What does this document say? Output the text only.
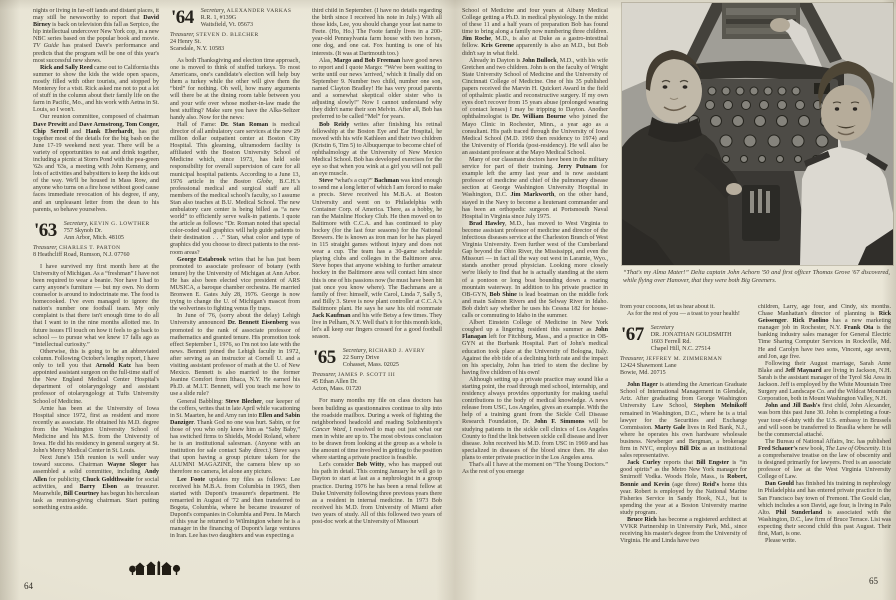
nights or living in far-off lands and distant places, it may still be newsworthy to report that David Birney is back on television this fall as Serpico, the hip intellectual undercover New York cop, in a new NBC series based on the popular book and movie. TV Guide has praised Dave's performance and predicts that the program will be one of this year's most successful new shows.

Rick and Sally Reed came out to California this summer to show the kids the wide open spaces, mostly filled with other tourists, and stopped by Monterey for a visit. Rick asked me not to put a lot of stuff in the column about their family life on the farm in Pacific, Mo., and his work with Aetna in St. Louis, so I won't.

Our reunion committee, composed of chairman Dave Prewitt and Dave Armstrong, Tom Conger, Chip Serrell and Hank Eberhardt, has put together most of the details for the big bash on the June 17-19 weekend next year. There will be a variety of opportunities to eat and drink together, including a picnic at Storrs Pond with the pea-green '62s and '63s, a meeting with John Kemeny, and lots of activities and babysitters to keep the kids out of the way. We'll be housed in Mass Row, and anyone who turns on a fire hose without good cause faces immediate revocation of his degree, if any, and an unpleasant letter from the dean to his parents, so behave yourselves.

'63 Secretary, KEVIN G. LOWTHER
757 Skynob Dr.
Ann Arbor, Mich. 48105
Treasurer, CHARLES T. PARTON
8 Heathcliff Road, Rumson, N.J. 07760

I have survived my first month here at the University of Michigan. As a “freshman” I have not been required to wear a beanie. Nor have I had to carry anyone's furniture — but my own. No dorm counselor is around to indoctrinate me. The food is homecooked. I've even managed to ignore the nation's number one football team. My only complaint is that there isn't enough time to do all that I want to in the nine months allotted me. In future issues I'll touch on how it feels to go back to school — to pursue what we knew 17 falls ago as “intellectual curiosity.”

Otherwise, this is going to be an abbreviated column. Following October's lengthy report, I have only to tell you that Arnold Katz has been appointed assistant surgeon on the full-time staff of the New England Medical Center Hospital's department of otolaryngology and assistant professor of otolaryngology at Tufts University School of Medicine.

Arnie has been at the University of Iowa Hospital since 1972, first as resident and more recently as associate. He obtained his M.D. degree from the Washington University School of Medicine and his M.S. from the University of Iowa. He did his residency in general surgery at St. John's Mercy Medical Center in St. Louis.

Next June's 15th reunion is well under way toward success. Chairman Wayne Sloger has assembled a solid committee, including Andy Allen for publicity, Chuck Goldthwaite for social activities, and Barry Elson as treasurer. Meanwhile, Bill Courtney has begun his herculean task as reunion-giving chairman. Start putting something extra aside.

'64 Secretary, ALEXANDER VARKAS
R.R. 1, #139G
Waitsfield, Vt. 05673
Treasurer, STEVEN D. BLECHER
24 Henry St.
Scarsdale, N.Y. 10583

As both Thanksgiving and election time approach, one is moved to think of stuffed turkeys. To most Americans, one's candidate's election will help buy them a turkey while the other will give them the “bird” for nothing. Oh well, how many arguments will there be at the dining room table between you and your wife over whose mother-in-law made the best stuffing? Make sure you have the Alka-Seltzer handy also. Now for the news:

Hall of Fame: Dr. Stan Roman is medical director of all ambulatory care services at the new 29 million dollar outpatient center at Boston City Hospital. This gleaming, ultramodern facility is affiliated with the Boston University School of Medicine which, since 1973, has held sole responsibility for overall supervision of care for all municipal hospital patients. According to a June 13, 1976 article in the Boston Globe, B.C.H.'s professional medical and surgical staff are all members of the medical school's faculty, so I assume Stan also teaches at B.U. Medical School. The new ambulatory care center is being billed as “a new world” to efficiently serve walk-in patients. I quote the article as follows: “Dr. Roman noted that special color-coded wall graphics will help guide patients to their destination . . .” Stan, what color and type of graphics did you choose to direct patients to the rest-room areas?

George Estabrook writes that he has just been promoted to associate professor of botany (with tenure) by the University of Michigan at Ann Arbor. He has also been elected vice president of ARS MUSICA, a baroque chamber orchestra. He married Bronwen E. Gates July 28, 1976. George is now trying to change the U. of Michigan's mascot from the wolverines to fighting venus fly traps.

In June of '76, (sorry about the delay) Lehigh University announced Dr. Bennett Eisenberg was promoted to the rank of associate professor of mathematics and granted tenure. His promotion took effect September 1, 1976, so I'm not too late with the news. Bennett joined the Lehigh faculty in 1972, after serving as an instructor at Cornell U. and a visiting assistant professor of math at the U. of New Mexico. Bennett is also married to the former Jeanine Comfort from Ithaca, N.Y. He earned his Ph.D. at M.I.T. Bennett, will you teach me how to use a slide rule?

General Babbling: Steve Blecher, our keeper of the coffers, writes that in late April while vacationing in St. Maarten, he and Amy ran into Ellen and Sabin Danziger. Thank God no one was hurt. Sabin, or for those of you who only knew him as “Saby Baby,” has switched firms to Shields, Model Roland, where he is an institutional salesman. (Anyone with an institution for sale contact Saby direct.) Steve says that upon having a group picture taken for the ALUMNI MAGAZINE, the camera blew up so therefore no camera, let alone any picture.

Lee Foote updates my files as follows: Lee received his M.B.A. from Columbia in 1965, then started with Dupont's treasurer's department. He remarried in August of '72 and then transferred to Bogota, Columbia, where he became treasurer of Dupont's companies in Columbia and Peru. In March of this year he returned to Wilmington where he is a manager in the financing of Dupont's large ventures in Iran. Lee has two daughters and was expecting a

third child in September. (I have no details regarding the birth since I received his note in July.) With all those kids, Lee, you should change your last name to Feete. (Ho, Ho.) The Foote family lives in a 200-year-old Pennsylvania farm house with two horses, one dog, and one cat. Fox hunting is one of his interests. (It was at Dartmouth too.)

Alas, Margo and Bob Freeman have good news to report and I quote Margo: “We've been waiting to write until our news 'arrived,' which it finally did on September 9. Number two child, number one son, named Clayton Bradley! He has very proud parents and a somewhat skeptical older sister who is adjusting slowly!” Now I cannot understand why they didn't name their son Melvin. After all, Bob has preferred to be called “Mel” for years.

Bob Reidy writes after finishing his retinal fellowship at the Boston Eye and Ear Hospital, he moved with his wife Kathleen and their two children (Kristin 6, Tim 5) to Albuquerque to become chief of ophthalmology at the University of New Mexico Medical School. Bob has developed exercises for the eye so that when you wink at a girl you will not pull an eye muscle.

Steve “what's a cup?” Bachman was kind enough to send me a long letter of which I am forced to make a precis. Steve received his M.B.A. at Boston University and went on to Philadelphia with Container Corp. of America. There, as a hobby, he ran the Mainline Hockey Club. He then moved on to Baltimore with C.C.A. and has continued to play hockey (for the last four seasons) for the National Brewers. He is known as iron man for he has played in 115 straight games without injury and does not wear a cup. The team has a 30-game schedule playing clubs and colleges in the Baltimore area. Steve hopes that anyone wishing to further amateur hockey in the Baltimore area will contact him since this is one of his passions now (he must have been hit just once you know where). The Bachmans are a family of five: himself, wife Carol, Linda 7, Sally 5, and Billy 3. Steve is now plant controller at C.C.A.'s Baltimore plant. He says he saw his old roommate Jack Kaufman and his wife Betsy a few times. They live in Pelham, N.Y. Well that's it for this month kids, let's all keep our fingers crossed for a good football season.

'65 Secretary, RICHARD J. AVERY
22 Surry Drive
Cohasset, Mass. 02025
Treasurer, JAMES P. SCOTT III
45 Ethan Allen Dr.
Acton, Mass. 01720

For many months my file on class doctors has been building as questionnaires continue to slip into the roadside mailbox. During a week of fighting the neighborhood headcold and reading Solzhenitsyn's Cancer Ward, I resolved to map out just what our men in white are up to. The most obvious conclusion to be drawn from looking at the group as a whole is the amount of time involved in getting to the position where starting a private practice is feasible.

Let's consider Bob Witty, who has mapped out his path in detail. This coming January he will go to Dayton to start at last as a nephrologist in a group practice. During 1976 he has been a renal fellow at Duke University following three previous years there as a resident in internal medicine. In 1973 Bob received his M.D. from University of Miami after two years of study. All of this followed two years of post-doc work at the University of Missouri

64

School of Medicine and four years at Albany Medical College getting a Ph.D. in medical physiology. In the midst of these 11 and a half years of preparation Bob has found time to bring along a family now numbering three children. Jim Roche, M.D., is also at Duke as a gastro-intestinal fellow. Kris Greene apparently is also an M.D., but Bob didn't say in what field.

Already in Dayton is John Bullock, M.D., with his wife Gretchen and two children. John is on the faculty of Wright State University School of Medicine and the University of Cincinnati College of Medicine. One of his 35 published papers received the Marvin H. Quickert Award in the field of opthalmic plastic and reconstructive surgery. If my own eyes don't recover from 15 years abuse (prolonged wearing of contact lenses) I may be tripping to Dayton. Another ophthalmologist is Dr. William Bourne who joined the Mayo Clinic in Rochester, Minn., a year ago as a consultant. His path traced through the University of Iowa Medical School (M.D. 1969 then residency to 1974) and the University of Florida (post-residency). He will also be an assistant professor at the Mayo Medical School.

Many of our classmate doctors have been in the military service for part of their training. Jerry Putnam for example left the army last year and is now assistant professor of medicine and chief of the pulmonary disease section at George Washington University Hospital in Washington, D.C. Jim Markworth, on the other hand, stayed in the Navy to become a lieutenant commander and has been an orthopedic surgeon at Portsmouth Naval Hospital in Virginia since July 1975.

Brad Hawley, M.D., has moved to West Virginia to become assistant professor of medicine and director of the infectious diseases service at the Charleston Branch of West Virginia University. Even further west of the Cumberland Gap beyond the Ohio River, the Mississippi, and even the Missouri — in fact all the way out west in Laramie, Wyo., stands another proud physician. Looking more closely we're likely to find that he is actually standing at the stern of a pontoon or long boat bounding down a roaring mountain waterway. In addition to his private practice in OB-GYN, Bob Shine is lead boatman on the middle fork and main Salmon Rivers and the Selway River in Idaho. Bob didn't say whether he uses his Cessna 182 for house-calls or commuting to Idaho in the summer.

Albert Einstein College of Medicine in New York coughed up a lingering resident this summer as John Flanagan left for Fitchburg, Mass., and a practice in OB-GYN at the Burbank Hospital. Part of John's medical education took place at the University of Bologna, Italy. Against the ebb tide of a declining birth rate and the impact on his specialty, John has tried to stem the decline by having five children of his own!

Although setting up a private practice may sound like a starting point, the road through med school, internship, and residency always provides opportunity for making useful contributions to the body of medical knowledge. A news release from USC, Los Angeles, gives an example. With the help of a training grant from the Sickle Cell Disease Research Foundation, Dr. John F. Simmons will be studying patients in the sickle cell clinics of Los Angeles County to find the link between sickle cell disease and liver disease. John received his M.D. from USC in 1969 and has specialized in diseases of the blood since then. He also plans to enter private practice in the Los Angeles area.

That's all I have at the moment on “The Young Doctors.” As the rest of you emerge

“That's my Alma Mater!” Delta captain John Achorn '50 and first officer Thomas Grove '67 discovered, while flying over Hanover, that they were both Big Greeners.

from your cocoons, let us hear about it.

As for the rest of you — a toast to your health!

'67 Secretary
DR. JONATHAN GOLDSMITH
1603 Ferrell Rd.
Chapel Hill, N.C. 27514
Treasurer, JEFFREY M. ZIMMERMAN
12424 Shawmont Lane
Bowie, Md. 20715

John Hager is attending the American Graduate School of International Management in Glendale, Ariz. After graduating from George Washington University Law School, Stephen Melnikoff remained in Washington, D.C., where he is a trial lawyer for the Securities and Exchange Commission. Marty Gale lives in Red Bank, N.J., where he operates his own hardware wholesale business. Newberger and Bergman, a brokerage firm in NYC, employs Bill Dix as an institutional sales representative.

Jack Curley reports that Bill Engster is “in good spirits” as the Metro New York manager for Smirnoff Vodka. Woods Hole, Mass., is Robert, Bonnie and Kevin (age three) Reid's home this year. Robert is employed by the National Marine Fisheries Service in Sandy Hook, N.J., but is spending the year at a Boston University marine study program.

Bruce Rich has become a registered architect at VVKR Partnership in University Park, Md., since receiving his master's degree from the University of Virginia. He and Linda have two

children, Larry, age four, and Cindy, six months. Chase Manhattan's director of planning is Rick Geissenger. Rick Paolino has a new marketing manager job in Rochester, N.Y. Frank Ota is the banking industry sales manager for General Electric Time Sharing Computer Services in Rockville, Md. He and Carolyn have two sons, Vincent, age seven, and Jon, age five.

Following their August marriage, Sarah Anne Blake and Jeff Maynard are living in Jackson, N.H. Sarah is the assistant manager of the Tyrol Ski Area in Jackson. Jeff is employed by the White Mountain Tree Surgery and Landscape Co. and the Wildcat Mountain Corporation, both in Mount Washington Valley, N.H.

John and Jill Bash's first child, John Alexander, was born this past June 30. John is completing a four-year tour-of-duty with the U.S. embassy in Brussels and will soon be transferred to Brasilia where he will be the commercial attaché.

The Bureau of National Affairs, Inc. has published Fred Schauer's new book, The Law of Obscenity. It is a comprehensive treatise on the law of obscenity and is designed primarily for lawyers. Fred is an associate professor of law at the West Virginia University College of Law.

Dan Gould has finished his training in nephrology in Philadelphia and has entered private practice in the San Francisco bay town of Fremont. The Gould clan, which includes a son David, age four, is living in Palo Alto. Phil Sunderland is associated with the Washington, D.C., law firm of Bruce Terrace. Lisi was expecting their second child this past August. Their first, Mari, is one.

Please write.

65
